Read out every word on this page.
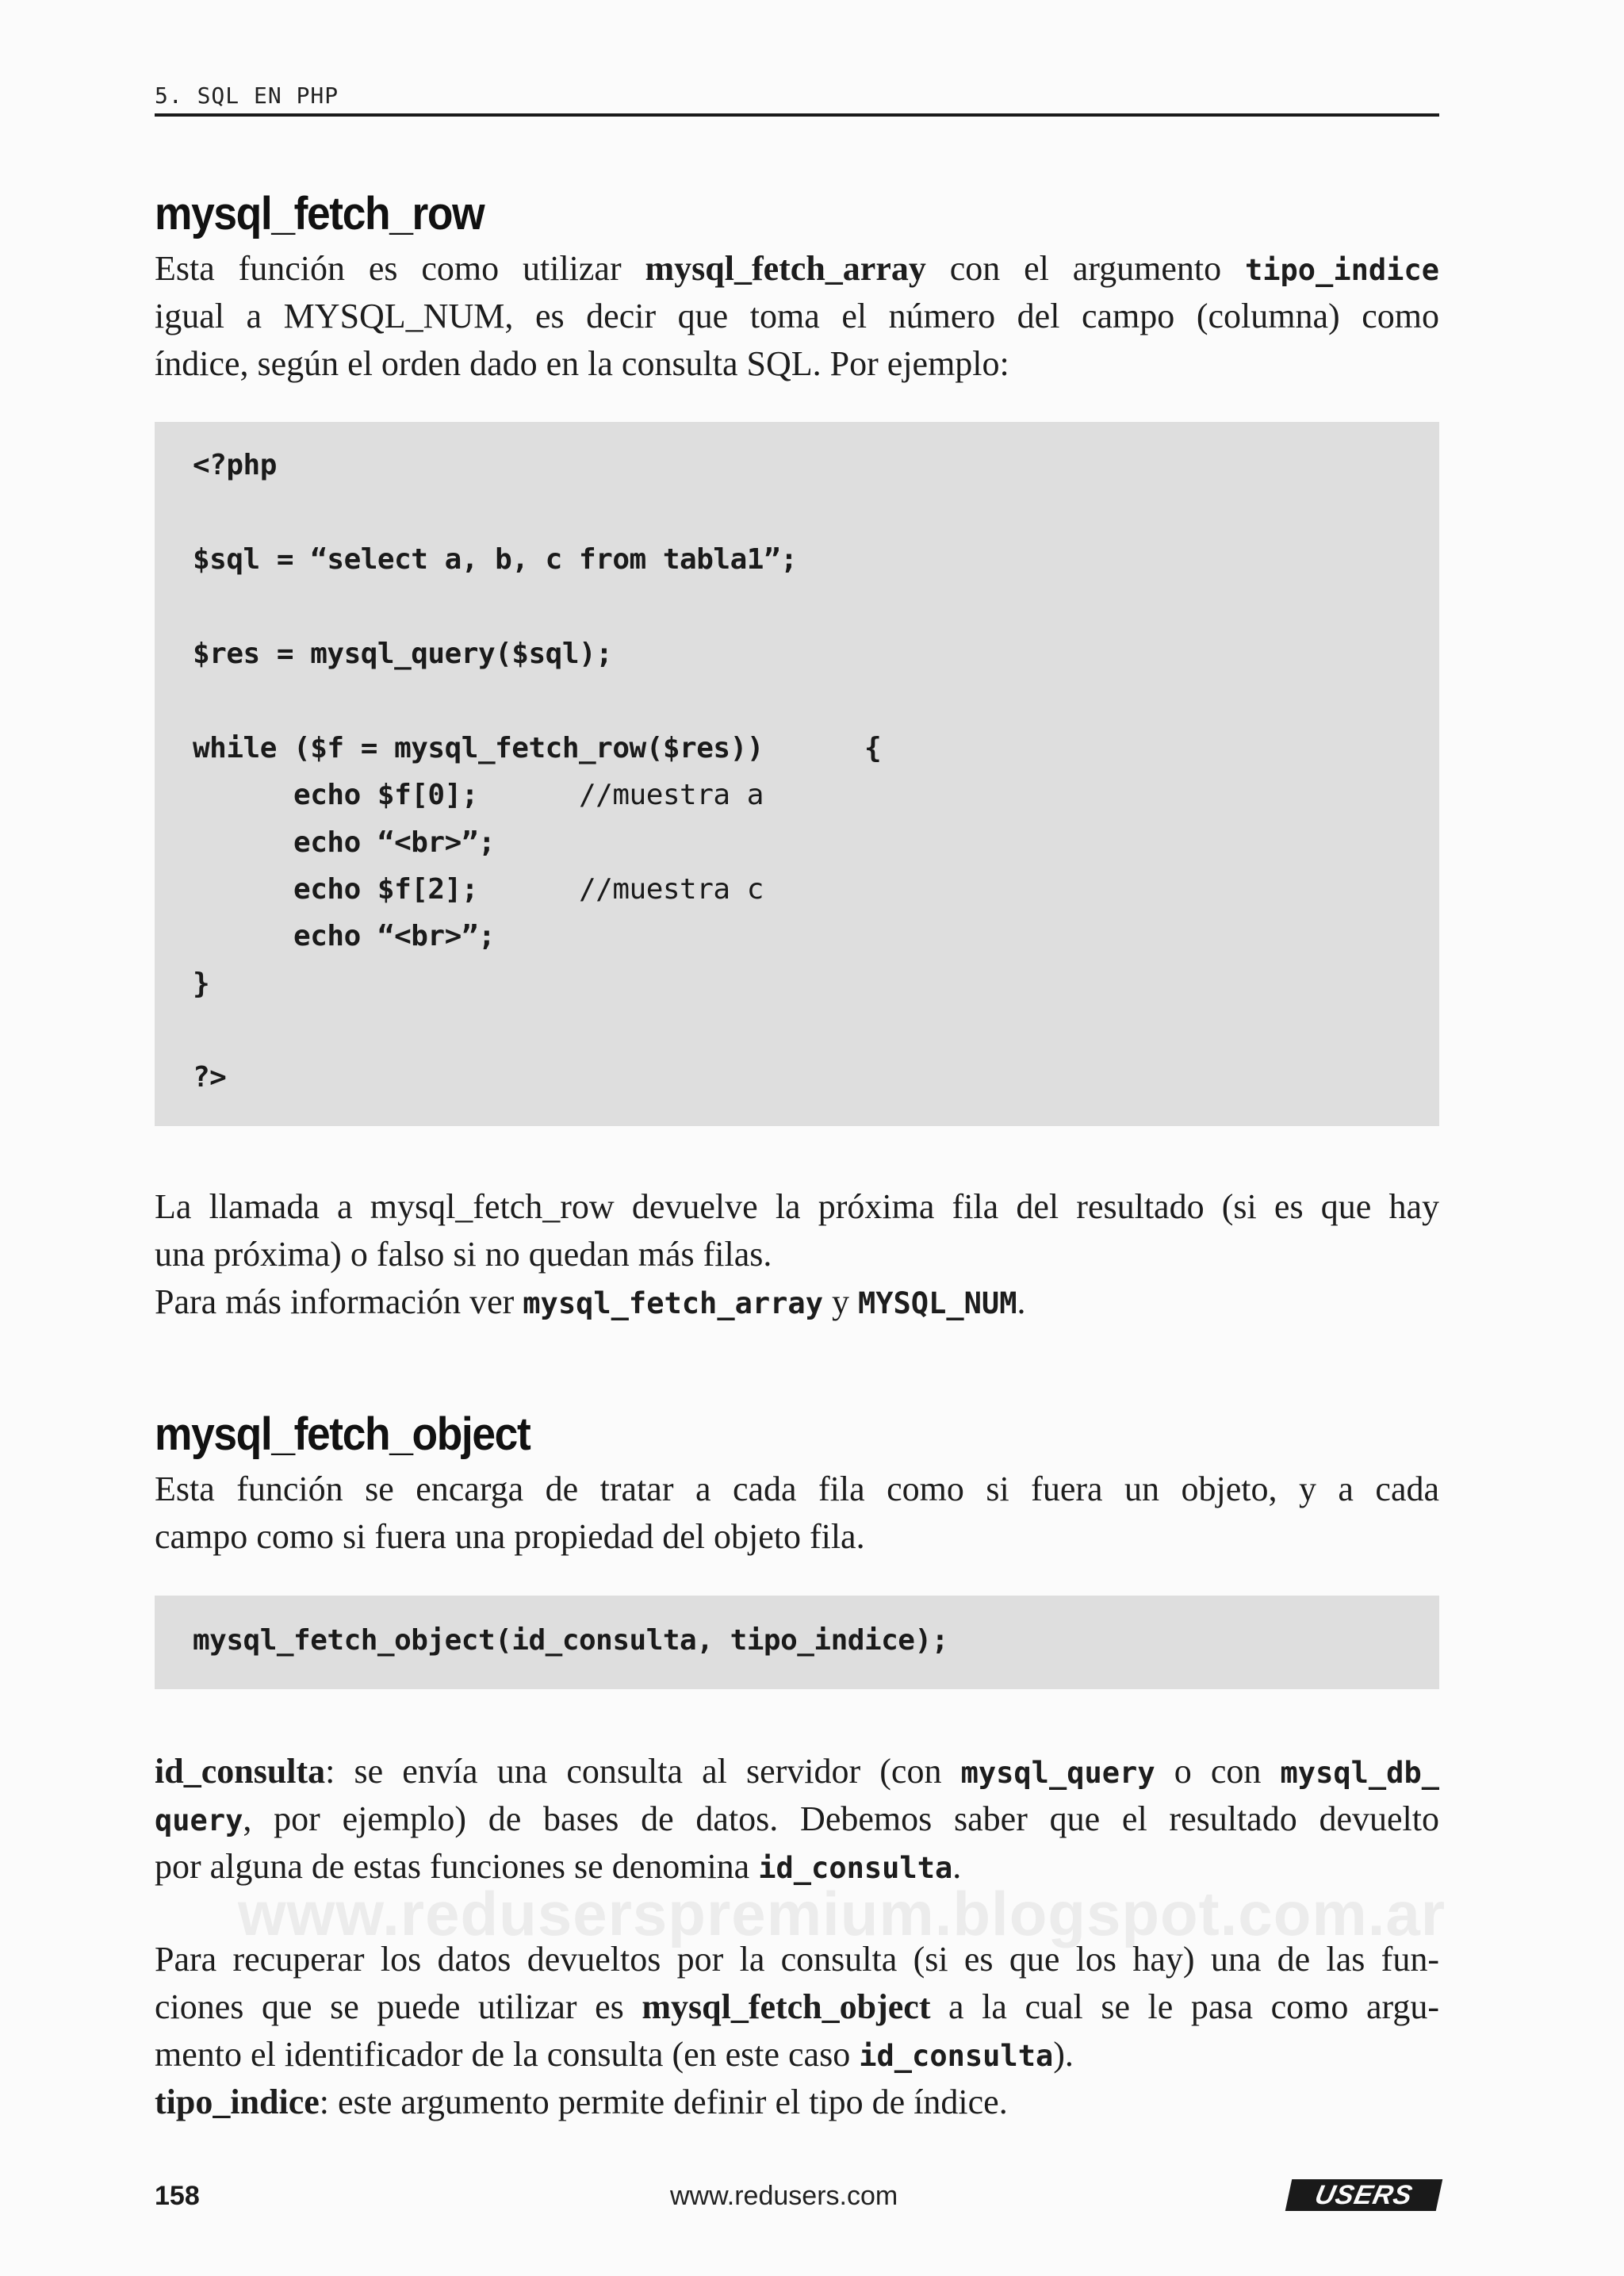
5. SQL EN PHP
mysql_fetch_row
Esta función es como utilizar mysql_fetch_array con el argumento tipo_indice
igual a MYSQL_NUM, es decir que toma el número del campo (columna) como
índice, según el orden dado en la consulta SQL. Por ejemplo:
<?php
$sql = “select a, b, c from tabla1”;
$res = mysql_query($sql);
while ($f = mysql_fetch_row($res))      {
echo $f[0];      //muestra a
echo “<br>”;
echo $f[2];      //muestra c
echo “<br>”;
}
?>
La llamada a mysql_fetch_row devuelve la próxima fila del resultado (si es que hay
una próxima) o falso si no quedan más filas.
Para más información ver mysql_fetch_array y MYSQL_NUM.
mysql_fetch_object
Esta función se encarga de tratar a cada fila como si fuera un objeto, y a cada
campo como si fuera una propiedad del objeto fila.
mysql_fetch_object(id_consulta, tipo_indice);
id_consulta: se envía una consulta al servidor (con mysql_query o con mysql_db_
query, por ejemplo) de bases de datos. Debemos saber que el resultado devuelto
por alguna de estas funciones se denomina id_consulta.
www.reduserspremium.blogspot.com.ar
Para recuperar los datos devueltos por la consulta (si es que los hay) una de las fun-
ciones que se puede utilizar es mysql_fetch_object a la cual se le pasa como argu-
mento el identificador de la consulta (en este caso id_consulta).
tipo_indice: este argumento permite definir el tipo de índice.
158	www.redusers.com	USERS
